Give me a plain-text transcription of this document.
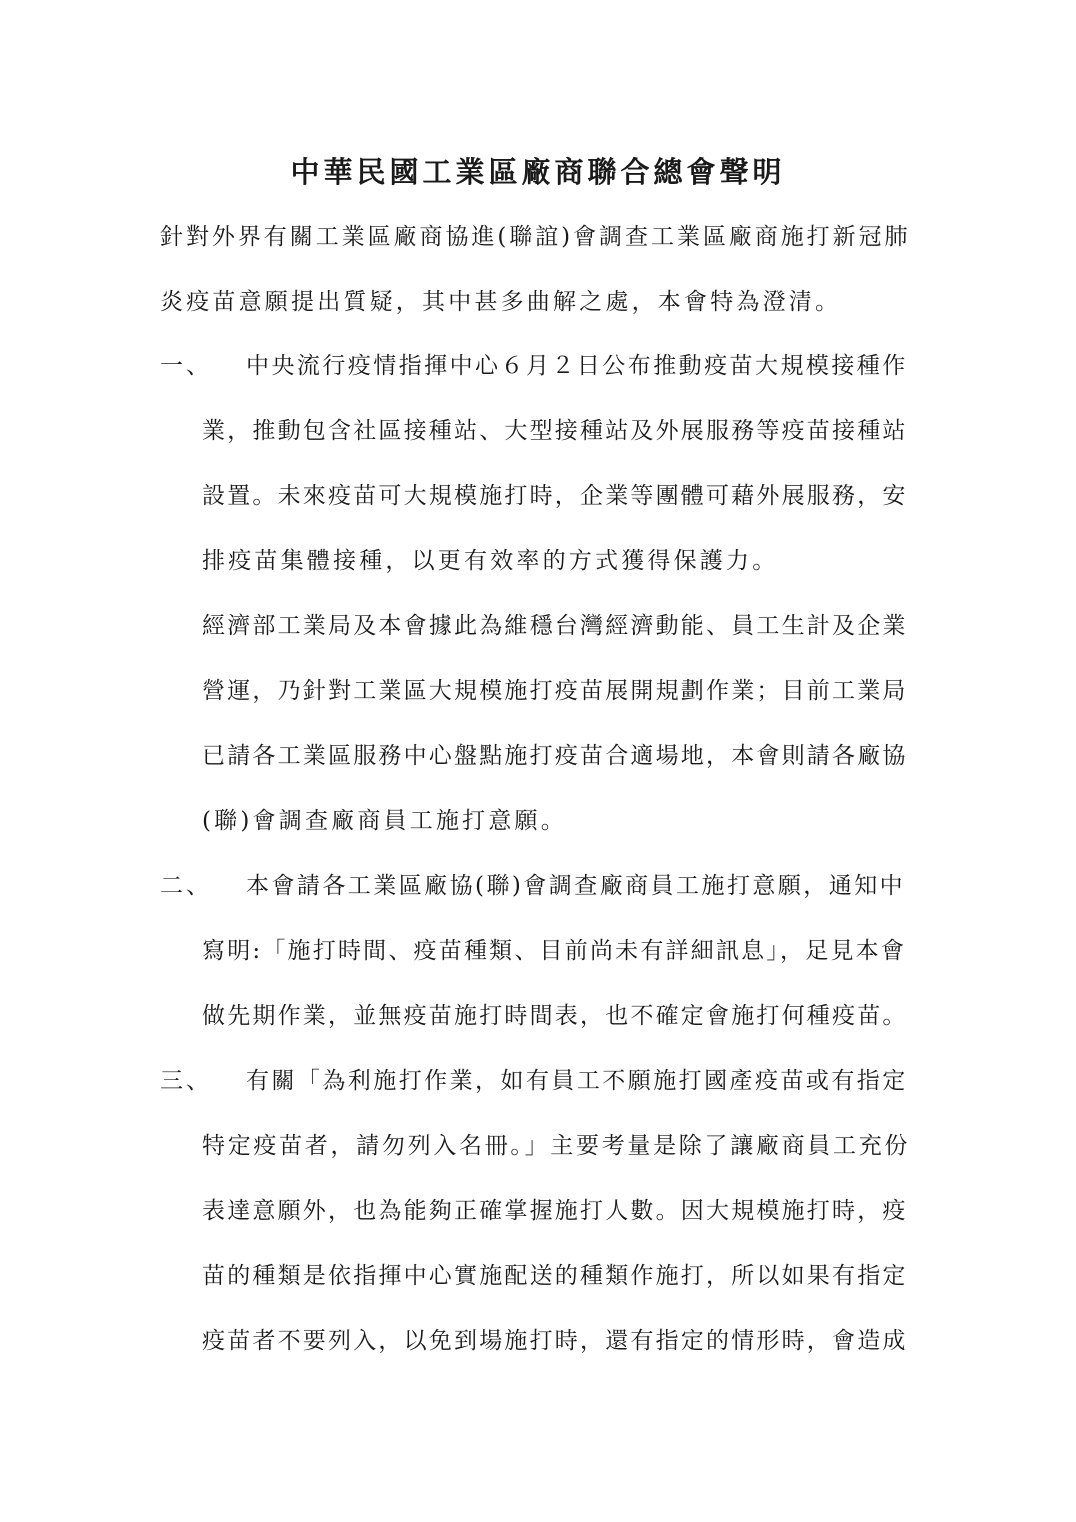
中華民國工業區廠商聯合總會聲明
針對外界有關工業區廠商協進(聯誼)會調查工業區廠商施打新冠肺
炎疫苗意願提出質疑，其中甚多曲解之處，本會特為澄清。
一、 中央流行疫情指揮中心６月２日公布推動疫苗大規模接種作
業，推動包含社區接種站、大型接種站及外展服務等疫苗接種站
設置。未來疫苗可大規模施打時，企業等團體可藉外展服務，安
排疫苗集體接種，以更有效率的方式獲得保護力。
經濟部工業局及本會據此為維穩台灣經濟動能、員工生計及企業
營運，乃針對工業區大規模施打疫苗展開規劃作業；目前工業局
已請各工業區服務中心盤點施打疫苗合適場地，本會則請各廠協
(聯)會調查廠商員工施打意願。
二、 本會請各工業區廠協(聯)會調查廠商員工施打意願，通知中
寫明:「施打時間、疫苗種類、目前尚未有詳細訊息」，足見本會
做先期作業，並無疫苗施打時間表，也不確定會施打何種疫苗。
三、 有關「為利施打作業，如有員工不願施打國產疫苗或有指定
特定疫苗者，請勿列入名冊。」主要考量是除了讓廠商員工充份
表達意願外，也為能夠正確掌握施打人數。因大規模施打時，疫
苗的種類是依指揮中心實施配送的種類作施打，所以如果有指定
疫苗者不要列入，以免到場施打時，還有指定的情形時，會造成
